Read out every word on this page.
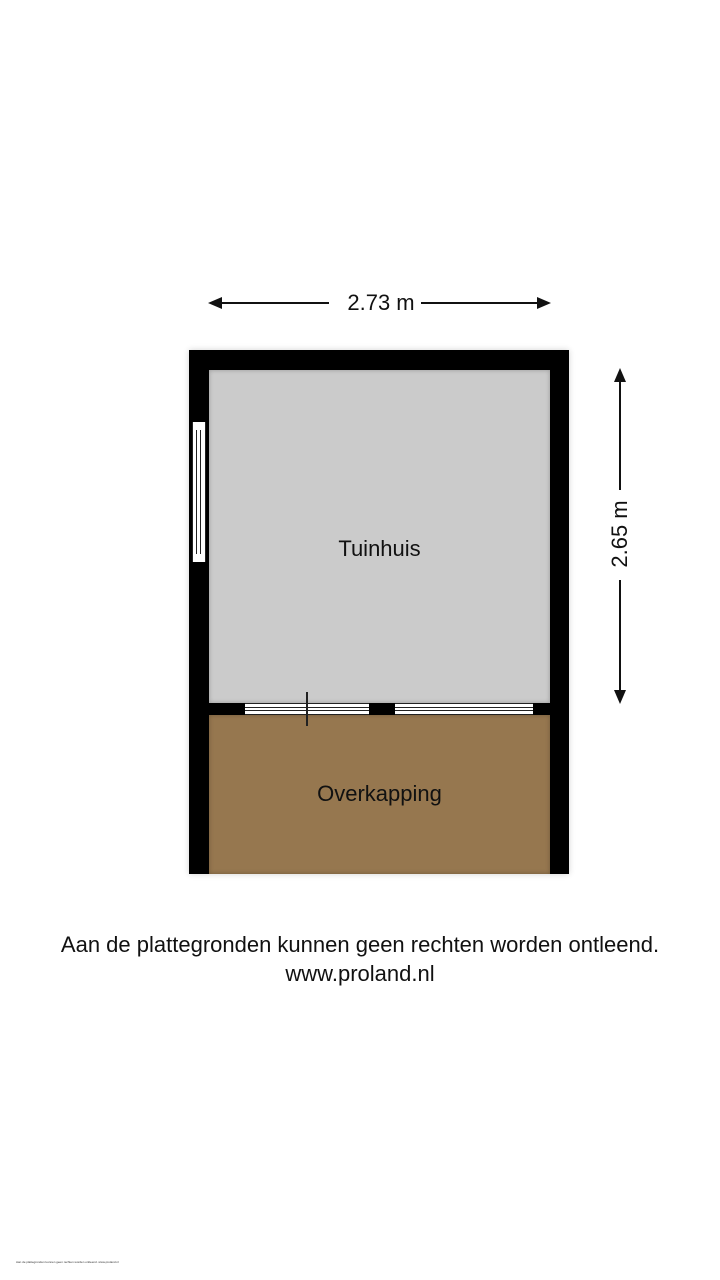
2.73 m
2.65 m
Tuinhuis
Overkapping
Aan de plattegronden kunnen geen rechten worden ontleend.
www.proland.nl
Aan de plattegronden kunnen geen rechten worden ontleend. www.proland.nl
